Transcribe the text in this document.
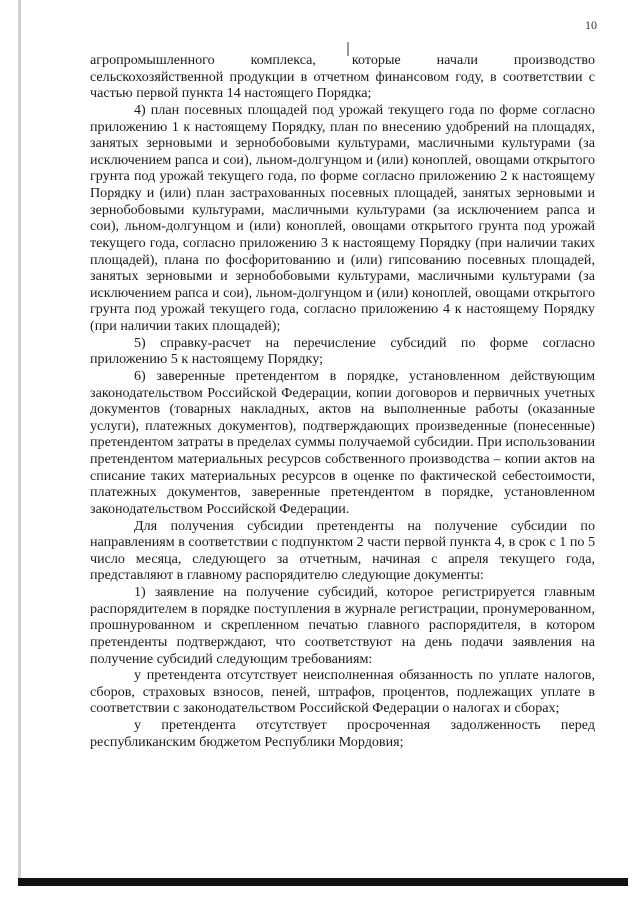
10

агропромышленного комплекса, которые начали производство сельскохозяйственной продукции в отчетном финансовом году, в соответствии с частью первой пункта 14 настоящего Порядка;

4) план посевных площадей под урожай текущего года по форме согласно приложению 1 к настоящему Порядку, план по внесению удобрений на площадях, занятых зерновыми и зернобобовыми культурами, масличными культурами (за исключением рапса и сои), льном-долгунцом и (или) коноплей, овощами открытого грунта под урожай текущего года, по форме согласно приложению 2 к настоящему Порядку и (или) план застрахованных посевных площадей, занятых зерновыми и зернобобовыми культурами, масличными культурами (за исключением рапса и сои), льном-долгунцом и (или) коноплей, овощами открытого грунта под урожай текущего года, согласно приложению 3 к настоящему Порядку (при наличии таких площадей), плана по фосфоритованию и (или) гипсованию посевных площадей, занятых зерновыми и зернобобовыми культурами, масличными культурами (за исключением рапса и сои), льном-долгунцом и (или) коноплей, овощами открытого грунта под урожай текущего года, согласно приложению 4 к настоящему Порядку (при наличии таких площадей);

5) справку-расчет на перечисление субсидий по форме согласно приложению 5 к настоящему Порядку;

6) заверенные претендентом в порядке, установленном действующим законодательством Российской Федерации, копии договоров и первичных учетных документов (товарных накладных, актов на выполненные работы (оказанные услуги), платежных документов), подтверждающих произведенные (понесенные) претендентом затраты в пределах суммы получаемой субсидии. При использовании претендентом материальных ресурсов собственного производства – копии актов на списание таких материальных ресурсов в оценке по фактической себестоимости, платежных документов, заверенные претендентом в порядке, установленном законодательством Российской Федерации.

Для получения субсидии претенденты на получение субсидии по направлениям в соответствии с подпунктом 2 части первой пункта 4, в срок с 1 по 5 число месяца, следующего за отчетным, начиная с апреля текущего года, представляют в главному распорядителю следующие документы:

1) заявление на получение субсидий, которое регистрируется главным распорядителем в порядке поступления в журнале регистрации, пронумерованном, прошнурованном и скрепленном печатью главного распорядителя, в котором претенденты подтверждают, что соответствуют на день подачи заявления на получение субсидий следующим требованиям:

у претендента отсутствует неисполненная обязанность по уплате налогов, сборов, страховых взносов, пеней, штрафов, процентов, подлежащих уплате в соответствии с законодательством Российской Федерации о налогах и сборах;

у претендента отсутствует просроченная задолженность перед республиканским бюджетом Республики Мордовия;
